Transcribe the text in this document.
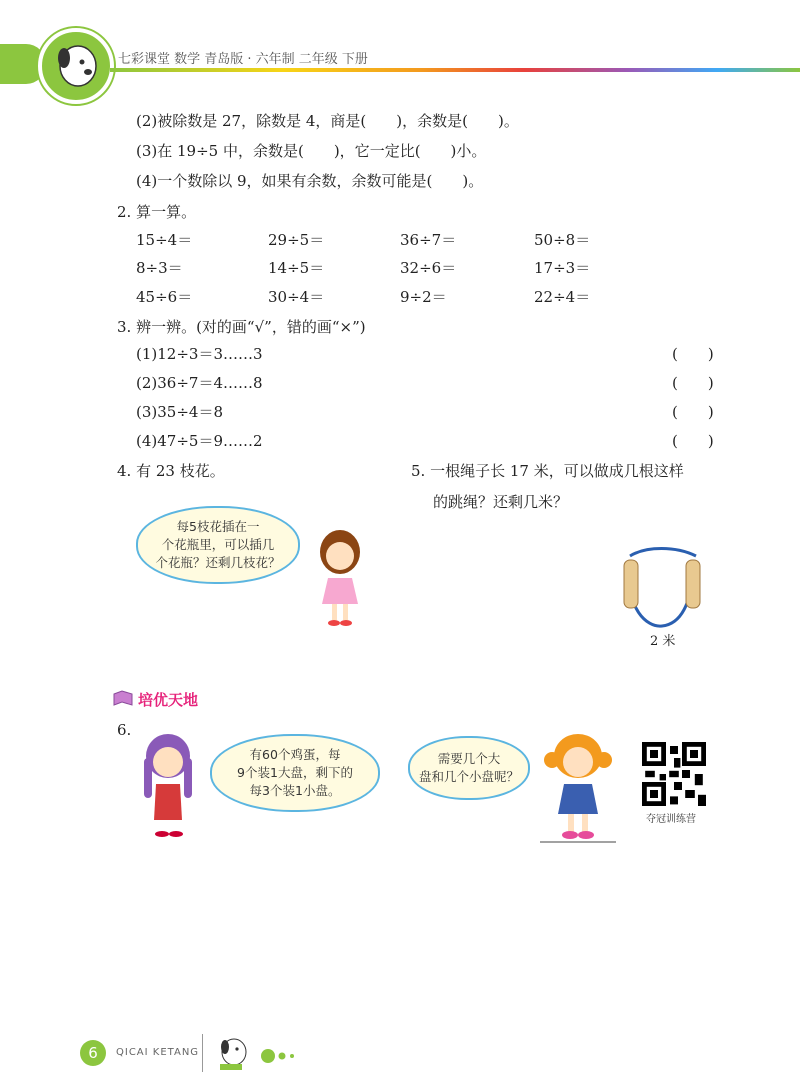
七彩课堂 数学 青岛版 · 六年制 二年级 下册
(2)被除数是 27，除数是 4，商是(　　)，余数是(　　)。
(3)在 19÷5 中，余数是(　　)，它一定比(　　)小。
(4)一个数除以 9，如果有余数，余数可能是(　　)。
2. 算一算。
15÷4＝	29÷5＝	36÷7＝	50÷8＝
8÷3＝	14÷5＝	32÷6＝	17÷3＝
45÷6＝	30÷4＝	9÷2＝	22÷4＝
3. 辨一辨。(对的画“√”，错的画“×”)
(1)12÷3＝3……3	(　　)
(2)36÷7＝4……8	(　　)
(3)35÷4＝8	(　　)
(4)47÷5＝9……2	(　　)
4. 有 23 枝花。
每5枝花插在一
个花瓶里，可以插几
个花瓶？还剩几枝花？
5. 一根绳子长 17 米，可以做成几根这样
的跳绳？还剩几米？
2 米
培优天地
6.
有60个鸡蛋，每
9个装1大盘，剩下的
每3个装1小盘。
需要几个大
盘和几个小盘呢？
夺冠训练营
6	QICAI KETANG
